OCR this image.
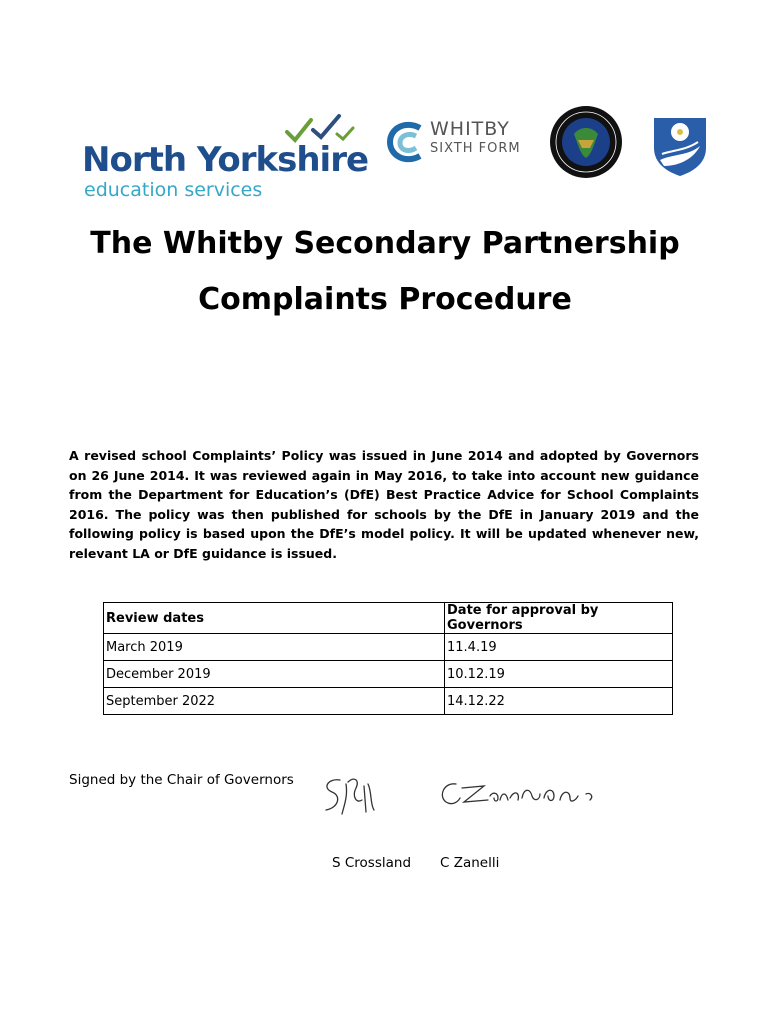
North Yorkshire
education services
WHITBY
SIXTH FORM
The Whitby Secondary Partnership
Complaints Procedure

A revised school Complaints’ Policy was issued in June 2014 and adopted by Governors on 26 June 2014. It was reviewed again in May 2016, to take into account new guidance from the Department for Education’s (DfE) Best Practice Advice for School Complaints 2016. The policy was then published for schools by the DfE in January 2019 and the following policy is based upon the DfE’s model policy. It will be updated whenever new, relevant LA or DfE guidance is issued.

Review dates	Date for approval by Governors
March 2019	11.4.19
December 2019	10.12.19
September 2022	14.12.22
Signed by the Chair of Governors
S Crossland C Zanelli
